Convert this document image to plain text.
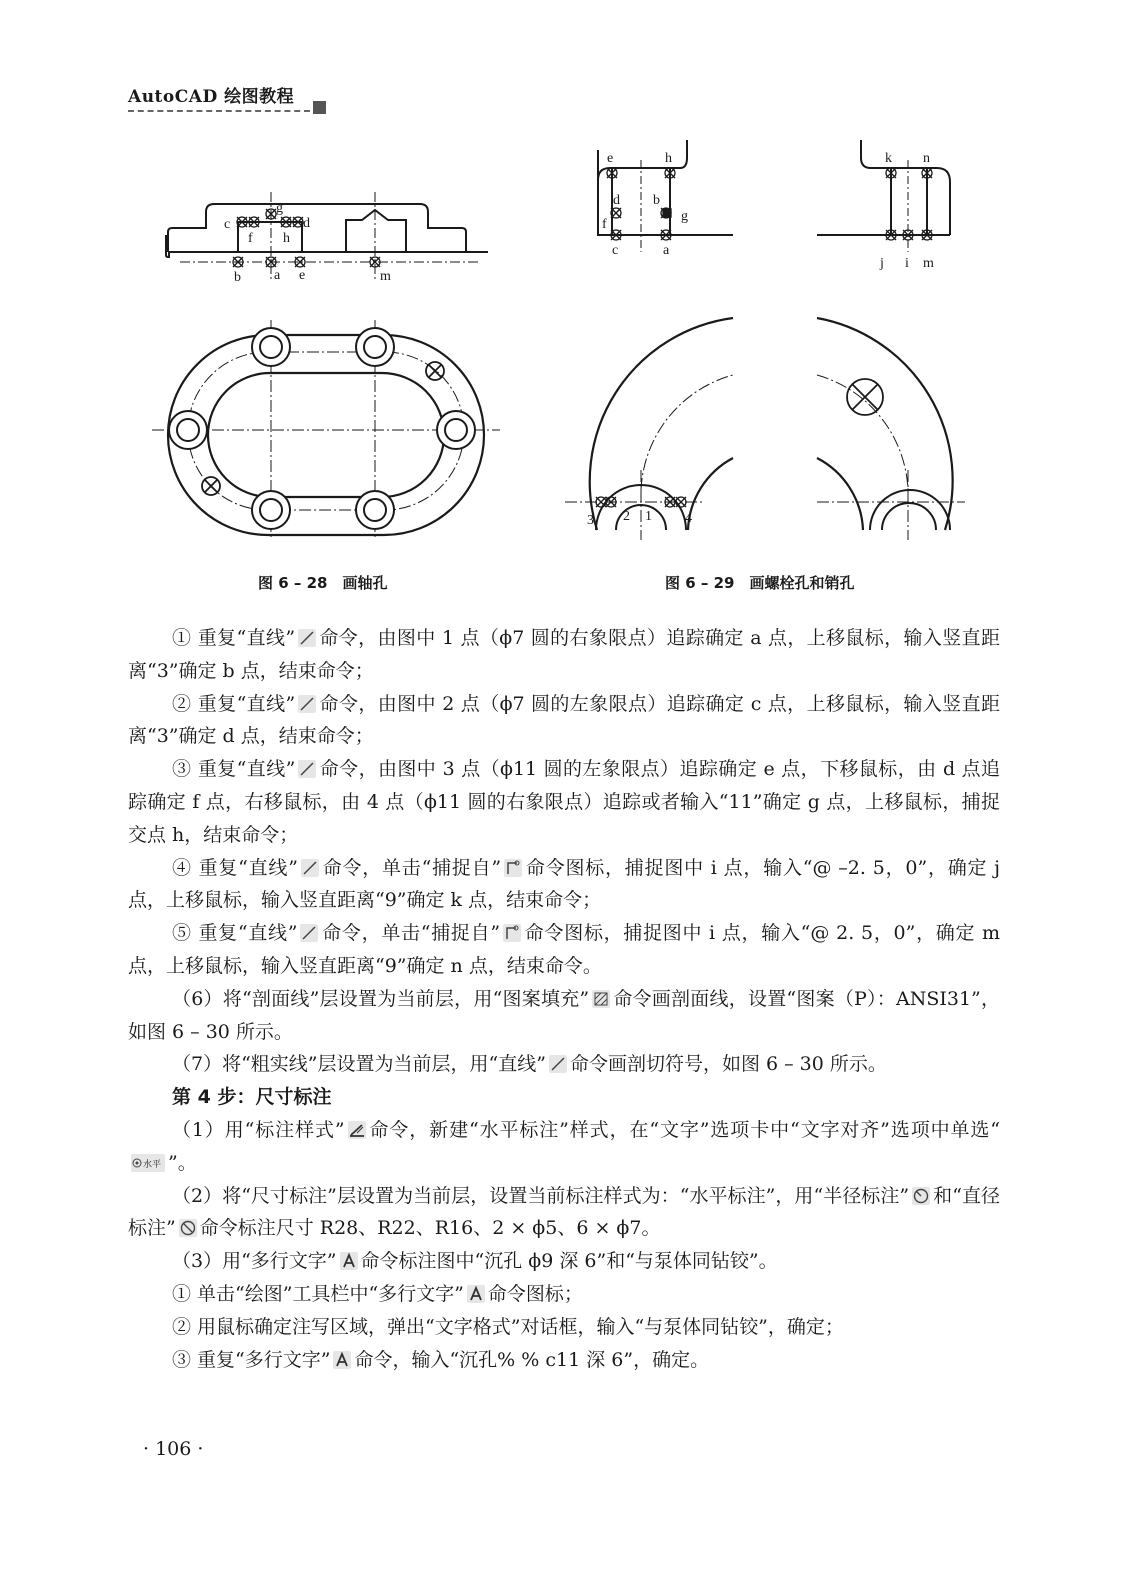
AutoCAD 绘图教程
c
g
d
f h
b a e	m
e	h
d b
g
f
c	a
k n
j i m
3 2 1 4
图 6 – 28　画轴孔	图 6 – 29　画螺栓孔和销孔

① 重复“直线” 命令，由图中 1 点（ϕ7 圆的右象限点）追踪确定 a 点，上移鼠标，输入竖直距离“3”确定 b 点，结束命令；

② 重复“直线” 命令，由图中 2 点（ϕ7 圆的左象限点）追踪确定 c 点，上移鼠标，输入竖直距离“3”确定 d 点，结束命令；

③ 重复“直线” 命令，由图中 3 点（ϕ11 圆的左象限点）追踪确定 e 点，下移鼠标，由 d 点追踪确定 f 点，右移鼠标，由 4 点（ϕ11 圆的右象限点）追踪或者输入“11”确定 g 点，上移鼠标，捕捉交点 h，结束命令；

④ 重复“直线” 命令，单击“捕捉自” 命令图标，捕捉图中 i 点，输入“@ –2. 5，0”，确定 j 点，上移鼠标，输入竖直距离“9”确定 k 点，结束命令；

⑤ 重复“直线” 命令，单击“捕捉自” 命令图标，捕捉图中 i 点，输入“@ 2. 5，0”，确定 m 点，上移鼠标，输入竖直距离“9”确定 n 点，结束命令。

（6）将“剖面线”层设置为当前层，用“图案填充” 命令画剖面线，设置“图案（P）：ANSI31”，如图 6 – 30 所示。

（7）将“粗实线”层设置为当前层，用“直线” 命令画剖切符号，如图 6 – 30 所示。

第 4 步：尺寸标注

（1）用“标注样式” 命令，新建“水平标注”样式，在“文字”选项卡中“文字对齐”选项中单选“
水平 ”。

（2）将“尺寸标注”层设置为当前层，设置当前标注样式为：“水平标注”，用“半径标注” 和“直径标注” 命令标注尺寸 R28、R22、R16、2 × ϕ5、6 × ϕ7。

（3）用“多行文字” 命令标注图中“沉孔 ϕ9 深 6”和“与泵体同钻铰”。

① 单击“绘图”工具栏中“多行文字” 命令图标；

② 用鼠标确定注写区域，弹出“文字格式”对话框，输入“与泵体同钻铰”，确定；

③ 重复“多行文字” 命令，输入“沉孔% % c11 深 6”，确定。

· 106 ·
